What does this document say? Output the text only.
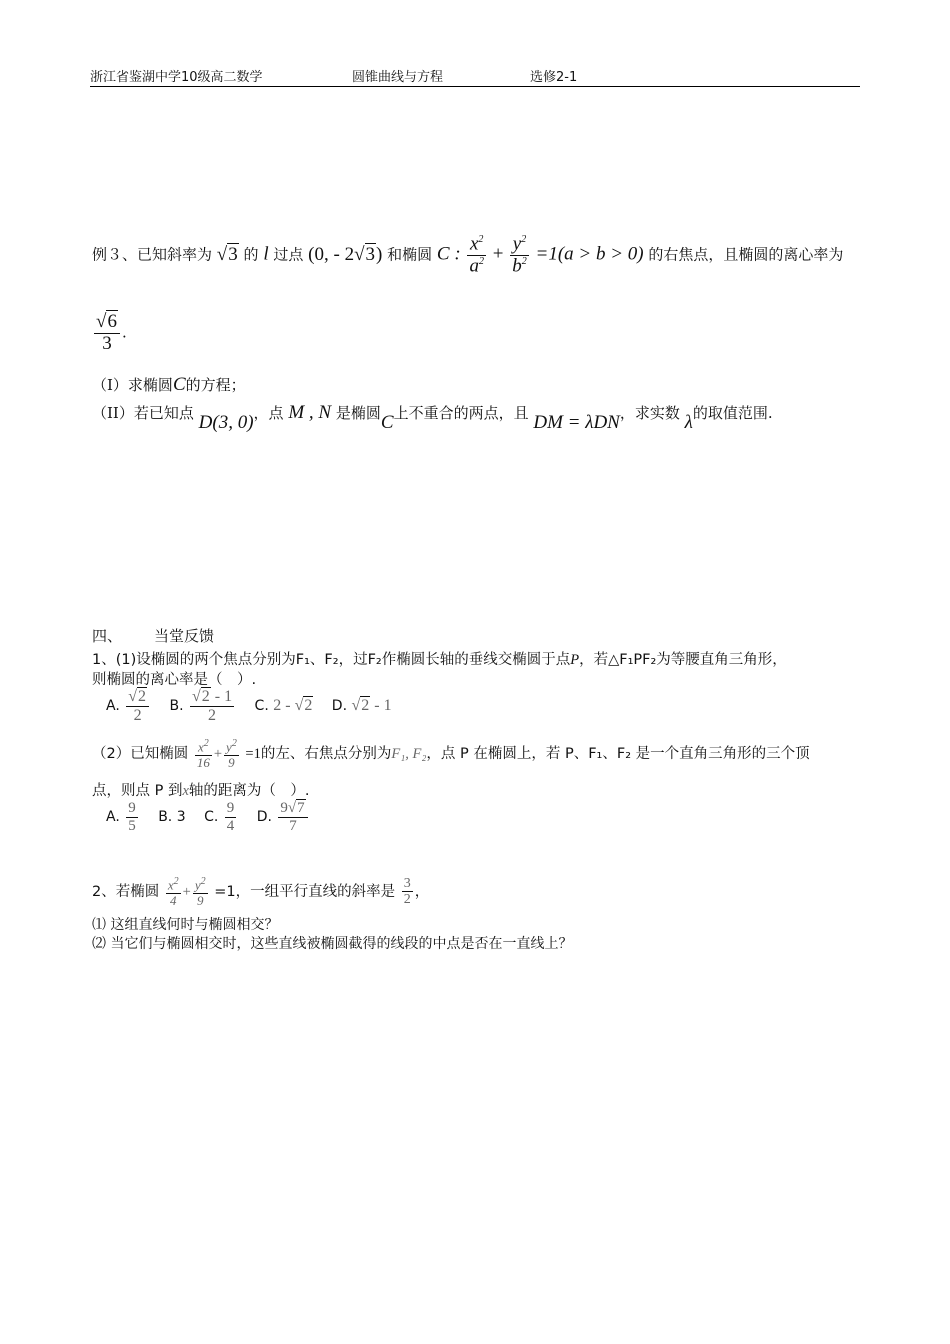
浙江省鉴湖中学10级高二数学	圆锥曲线与方程	选修2-1
例３、已知斜率为 √3 的 l 过点 (0, - 2√3) 和椭圆 C : $\frac{x^2}{a^2} + \frac{y^2}{b^2} =1(a > b > 0)$ 的右焦点，且椭圆的离心率为
$\frac{√6}{3}$ .
（I）求椭圆C的方程；
（II）若已知点 D(3, 0)，点 M , N 是椭圆C上不重合的两点，且 DM = λDN，求实数 λ的取值范围.
四、 当堂反馈
1、(1)设椭圆的两个焦点分别为F₁、F₂，过F₂作椭圆长轴的垂线交椭圆于点P，若△F₁PF₂为等腰直角三角形，
则椭圆的离心率是（　）.
A. $\frac{√2}{2} B$. $\frac{√2 - 1}{2} C$. 2 - √2 D. √2 - 1
（2）已知椭圆 $\frac{x^2}{16} + \frac{y^2}{9} =1$的左、右焦点分别为F₁, F₂，点 P 在椭圆上，若 P、F₁、F₂ 是一个直角三角形的三个顶
点，则点 P 到x轴的距离为（　）.
A. $\frac{9}{5} B$. 3 C. $\frac{9}{4} D$. $\frac{9√7}{7}$
2、若椭圆 $\frac{x^2}{4} + \frac{y^2}{9} =1$，一组平行直线的斜率是 $\frac{3}{2}$ ，
⑴ 这组直线何时与椭圆相交？
⑵ 当它们与椭圆相交时，这些直线被椭圆截得的线段的中点是否在一直线上？
